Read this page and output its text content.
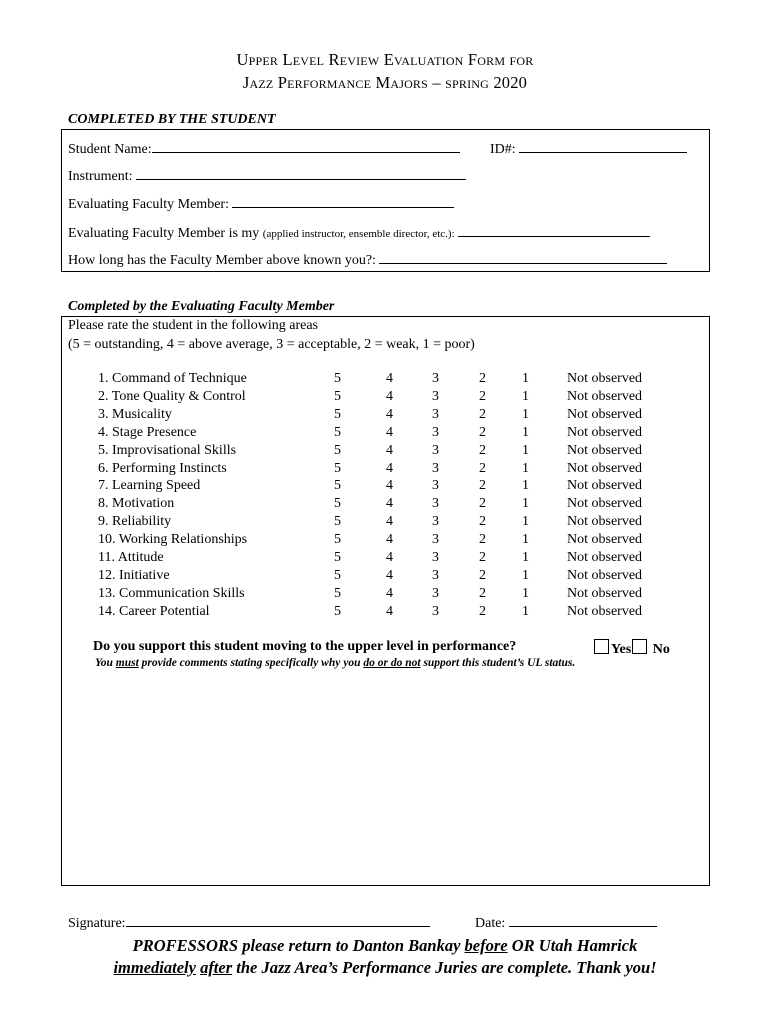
Upper Level Review Evaluation Form for
Jazz Performance Majors – spring 2020
COMPLETED BY THE STUDENT
Student Name:	ID#:
Instrument:
Evaluating Faculty Member:
Evaluating Faculty Member is my (applied instructor, ensemble director, etc.):
How long has the Faculty Member above known you?:
Completed by the Evaluating Faculty Member
Please rate the student in the following areas
(5 = outstanding, 4 = above average, 3 = acceptable, 2 = weak, 1 = poor)
1. Command of Technique	5	4	3	2	1	Not observed
2. Tone Quality & Control	5	4	3	2	1	Not observed
3. Musicality	5	4	3	2	1	Not observed
4. Stage Presence	5	4	3	2	1	Not observed
5. Improvisational Skills	5	4	3	2	1	Not observed
6. Performing Instincts	5	4	3	2	1	Not observed
7. Learning Speed	5	4	3	2	1	Not observed
8. Motivation	5	4	3	2	1	Not observed
9. Reliability	5	4	3	2	1	Not observed
10. Working Relationships	5	4	3	2	1	Not observed
11. Attitude	5	4	3	2	1	Not observed
12. Initiative	5	4	3	2	1	Not observed
13. Communication Skills	5	4	3	2	1	Not observed
14. Career Potential	5	4	3	2	1	Not observed
Do you support this student moving to the upper level in performance?	Yes No
You must provide comments stating specifically why you do or do not support this student’s UL status.
Signature:	Date:
PROFESSORS please return to Danton Bankay before OR Utah Hamrick
immediately after the Jazz Area’s Performance Juries are complete. Thank you!
